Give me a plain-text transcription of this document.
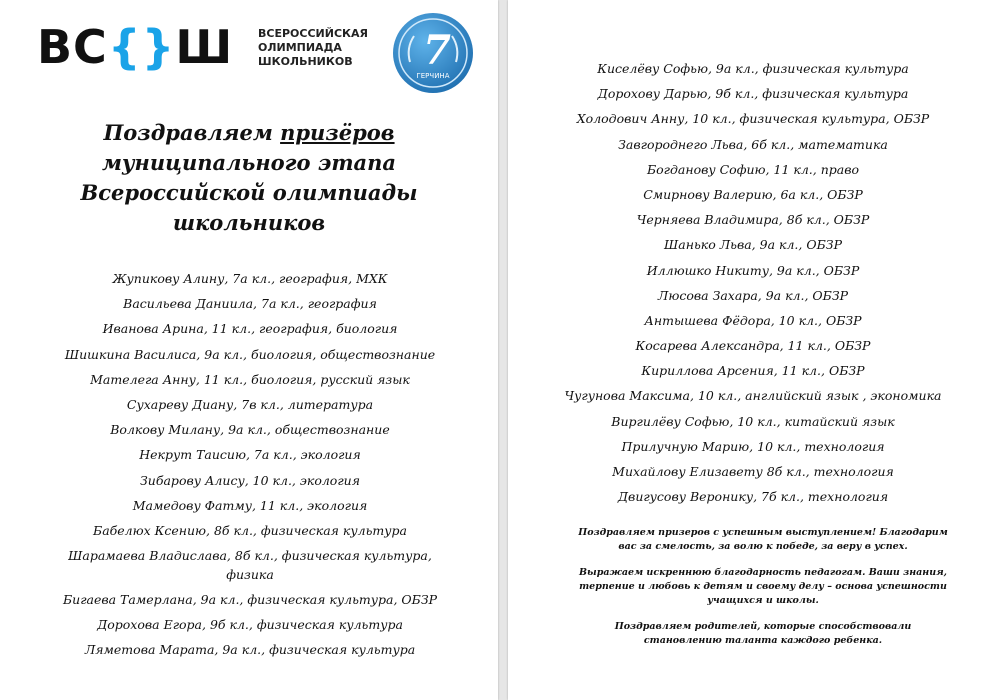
ВС{}Ш ВСЕРОССИЙСКАЯ
ОЛИМПИАДА
ШКОЛЬНИКОВ	7
ГЕРЧИНА
Поздравляем призёров
муниципального этапа
Всероссийской олимпиады
школьников
Жупикову Алину, 7а кл., география, МХК
Васильева Даниила, 7а кл., география
Иванова Арина, 11 кл., география, биология
Шишкина Василиса, 9а кл., биология, обществознание
Мателега Анну, 11 кл., биология, русский язык
Сухареву Диану, 7в кл., литература
Волкову Милану, 9а кл., обществознание
Некрут Таисию, 7а кл., экология
Зибарову Алису, 10 кл., экология
Мамедову Фатму, 11 кл., экология
Бабелюх Ксению, 8б кл., физическая культура
Шарамаева Владислава, 8б кл., физическая культура, физика
Бигаева Тамерлана, 9а кл., физическая культура, ОБЗР
Дорохова Егора, 9б кл., физическая культура
Ляметова Марата, 9а кл., физическая культура
Киселёву Софью, 9а кл., физическая культура
Дорохову Дарью, 9б кл., физическая культура
Холодович Анну, 10 кл., физическая культура, ОБЗР
Завгороднего Льва, 6б кл., математика
Богданову Софию, 11 кл., право
Смирнову Валерию, 6а кл., ОБЗР
Черняева Владимира, 8б кл., ОБЗР
Шанько Льва, 9а кл., ОБЗР
Иллюшко Никиту, 9а кл., ОБЗР
Люсова Захара, 9а кл., ОБЗР
Антышева Фёдора, 10 кл., ОБЗР
Косарева Александра, 11 кл., ОБЗР
Кириллова Арсения, 11 кл., ОБЗР
Чугунова Максима, 10 кл., английский язык , экономика
Виргилёву Софью, 10 кл., китайский язык
Прилучную Марию, 10 кл., технология
Михайлову Елизавету 8б кл., технология
Двигусову Веронику, 7б кл., технология

Поздравляем призеров с успешным выступлением! Благодарим вас за смелость, за волю к победе, за веру в успех.

Выражаем искреннюю благодарность педагогам. Ваши знания, терпение и любовь к детям и своему делу – основа успешности учащихся и школы.

Поздравляем родителей, которые способствовали становлению таланта каждого ребенка.
